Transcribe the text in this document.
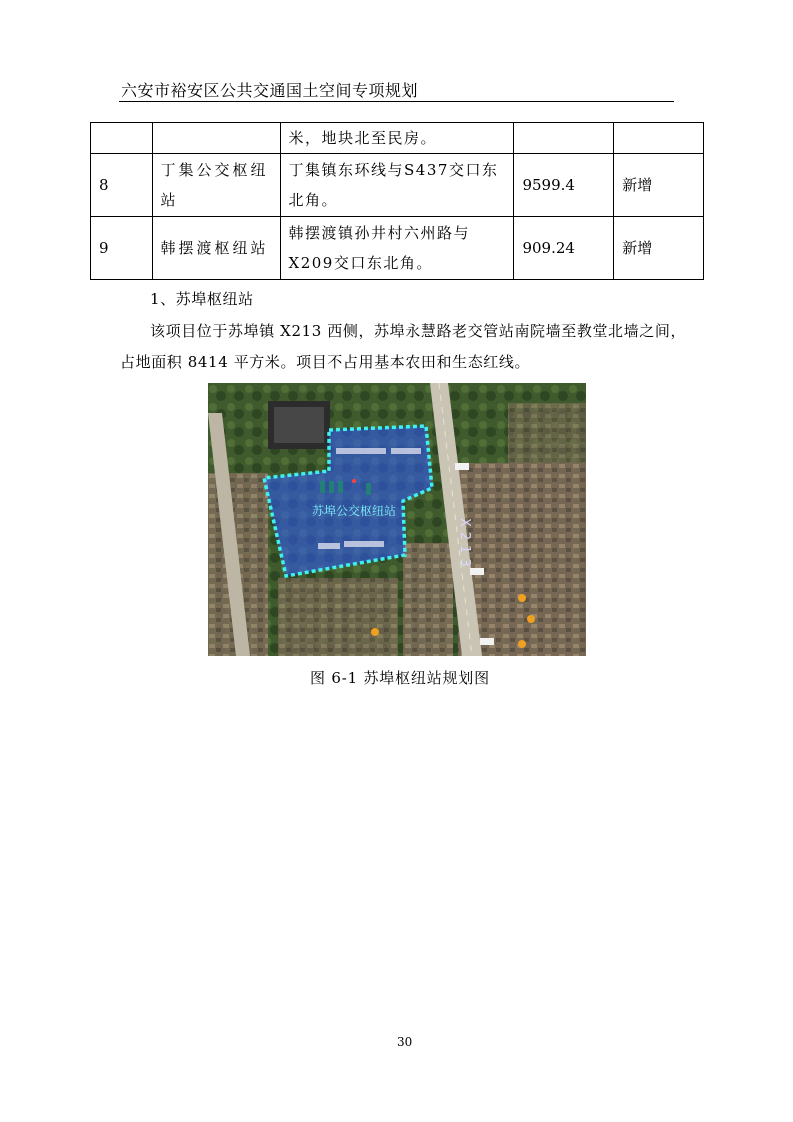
六安市裕安区公共交通国土空间专项规划
		米，地块北至民房。		
8	丁集公交枢纽站	丁集镇东环线与S437交口东北角。	9599.4	新增
9	韩摆渡枢纽站	韩摆渡镇孙井村六州路与X209交口东北角。	909.24	新增
1、苏埠枢纽站
该项目位于苏埠镇 X213 西侧，苏埠永慧路老交管站南院墙至教堂北墙之间，
占地面积 8414 平方米。项目不占用基本农田和生态红线。
苏埠公交枢纽站
X213
图 6-1 苏埠枢纽站规划图
30
